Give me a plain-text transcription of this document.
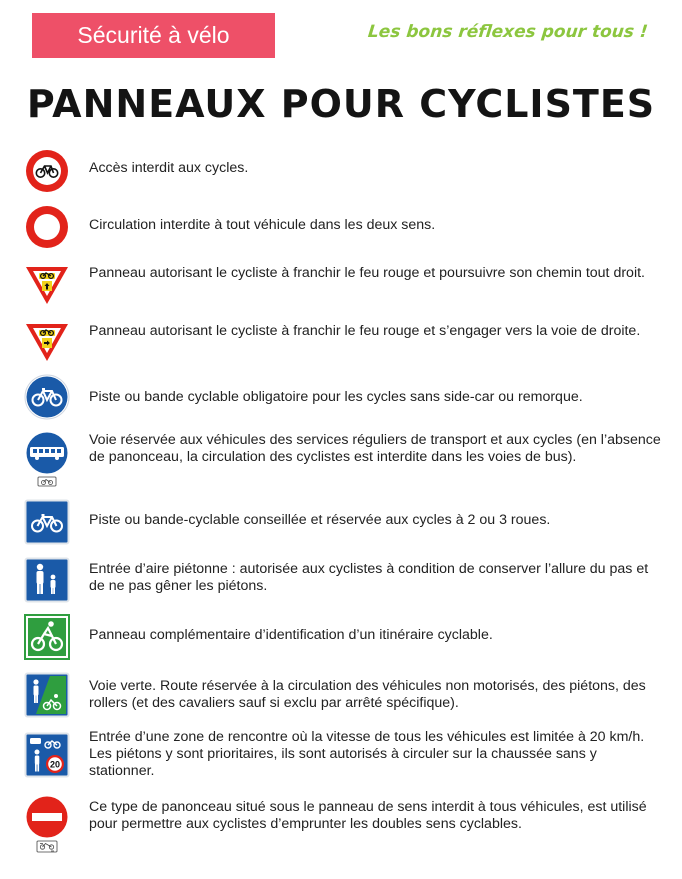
Sécurité à vélo	Les bons réflexes pour tous !
PANNEAUX POUR CYCLISTES
Accès interdit aux cycles.
Circulation interdite à tout véhicule dans les deux sens.
Panneau autorisant le cycliste à franchir le feu rouge et poursuivre son chemin tout droit.
Panneau autorisant le cycliste à franchir le feu rouge et s’engager vers la voie de droite.
Piste ou bande cyclable obligatoire pour les cycles sans side-car ou remorque.
Voie réservée aux véhicules des services réguliers de transport et aux cycles (en l’absence de panonceau, la circulation des cyclistes est interdite dans les voies de bus).
Piste ou bande-cyclable conseillée et réservée aux cycles à 2 ou 3 roues.
Entrée d’aire piétonne : autorisée aux cyclistes à condition de conserver l’allure du pas et de ne pas gêner les piétons.
Panneau complémentaire d’identification d’un itinéraire cyclable.
Voie verte. Route réservée à la circulation des véhicules non motorisés, des piétons, des rollers (et des cavaliers sauf si exclu par arrêté spécifique).
20
Entrée d’une zone de rencontre où la vitesse de tous les véhicules est limitée à 20 km/h. Les piétons y sont prioritaires, ils sont autorisés à circuler sur la chaussée sans y stationner.
Ce type de panonceau situé sous le panneau de sens interdit à tous véhicules, est utilisé pour permettre aux cyclistes d’emprunter les doubles sens cyclables.
